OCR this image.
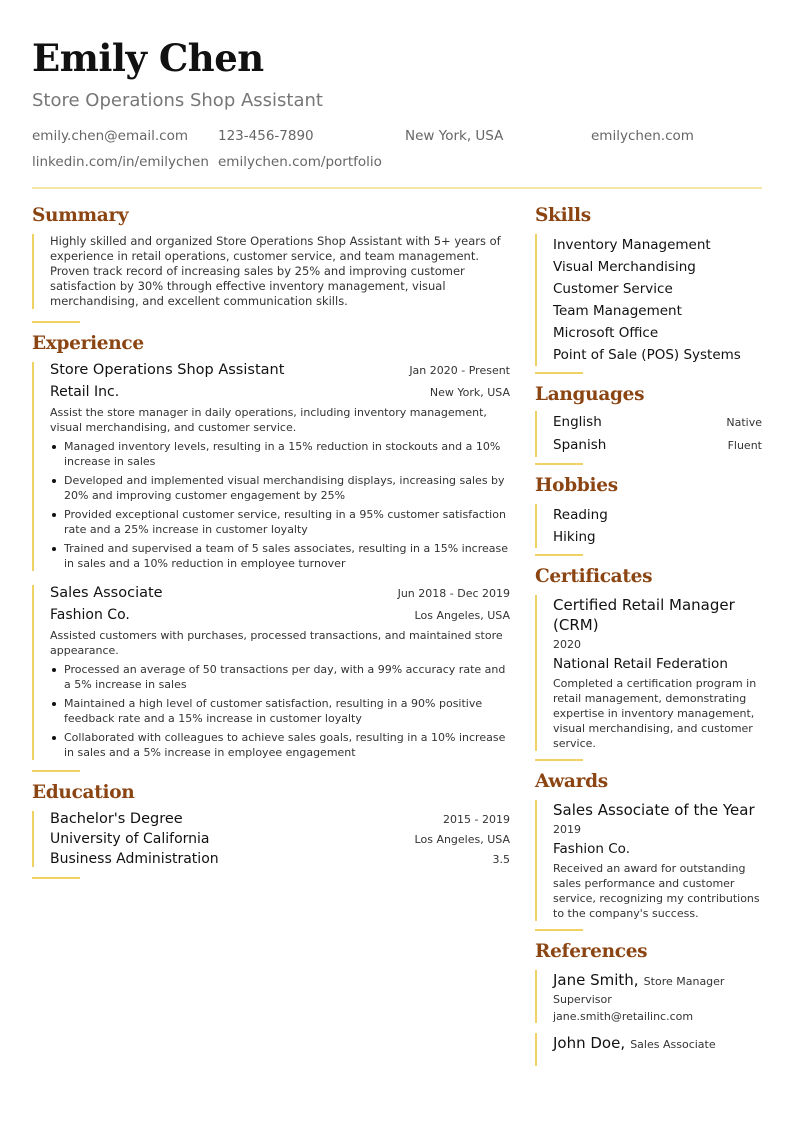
Emily Chen
Store Operations Shop Assistant
emily.chen@email.com 123-456-7890	New York, USA	emilychen.com
linkedin.com/in/emilychen emilychen.com/portfolio
Summary
Highly skilled and organized Store Operations Shop Assistant with 5+ years of experience in retail operations, customer service, and team management. Proven track record of increasing sales by 25% and improving customer satisfaction by 30% through effective inventory management, visual merchandising, and excellent communication skills.
Experience
Store Operations Shop Assistant	Jan 2020 - Present
Retail Inc.	New York, USA
Assist the store manager in daily operations, including inventory management, visual merchandising, and customer service.
Managed inventory levels, resulting in a 15% reduction in stockouts and a 10% increase in sales
Developed and implemented visual merchandising displays, increasing sales by 20% and improving customer engagement by 25%
Provided exceptional customer service, resulting in a 95% customer satisfaction rate and a 25% increase in customer loyalty
Trained and supervised a team of 5 sales associates, resulting in a 15% increase in sales and a 10% reduction in employee turnover
Sales Associate	Jun 2018 - Dec 2019
Fashion Co.	Los Angeles, USA
Assisted customers with purchases, processed transactions, and maintained store appearance.
Processed an average of 50 transactions per day, with a 99% accuracy rate and a 5% increase in sales
Maintained a high level of customer satisfaction, resulting in a 90% positive feedback rate and a 15% increase in customer loyalty
Collaborated with colleagues to achieve sales goals, resulting in a 10% increase in sales and a 5% increase in employee engagement
Education
Bachelor's Degree	2015 - 2019
University of California	Los Angeles, USA
Business Administration	3.5
Skills
Inventory Management
Visual Merchandising
Customer Service
Team Management
Microsoft Office
Point of Sale (POS) Systems
Languages
English	Native
Spanish	Fluent
Hobbies
Reading
Hiking
Certificates
Certified Retail Manager (CRM)
2020
National Retail Federation
Completed a certification program in retail management, demonstrating expertise in inventory management, visual merchandising, and customer service.
Awards
Sales Associate of the Year
2019
Fashion Co.
Received an award for outstanding sales performance and customer service, recognizing my contributions to the company's success.
References
Jane Smith, Store Manager
Supervisor
jane.smith@retailinc.com
John Doe, Sales Associate
